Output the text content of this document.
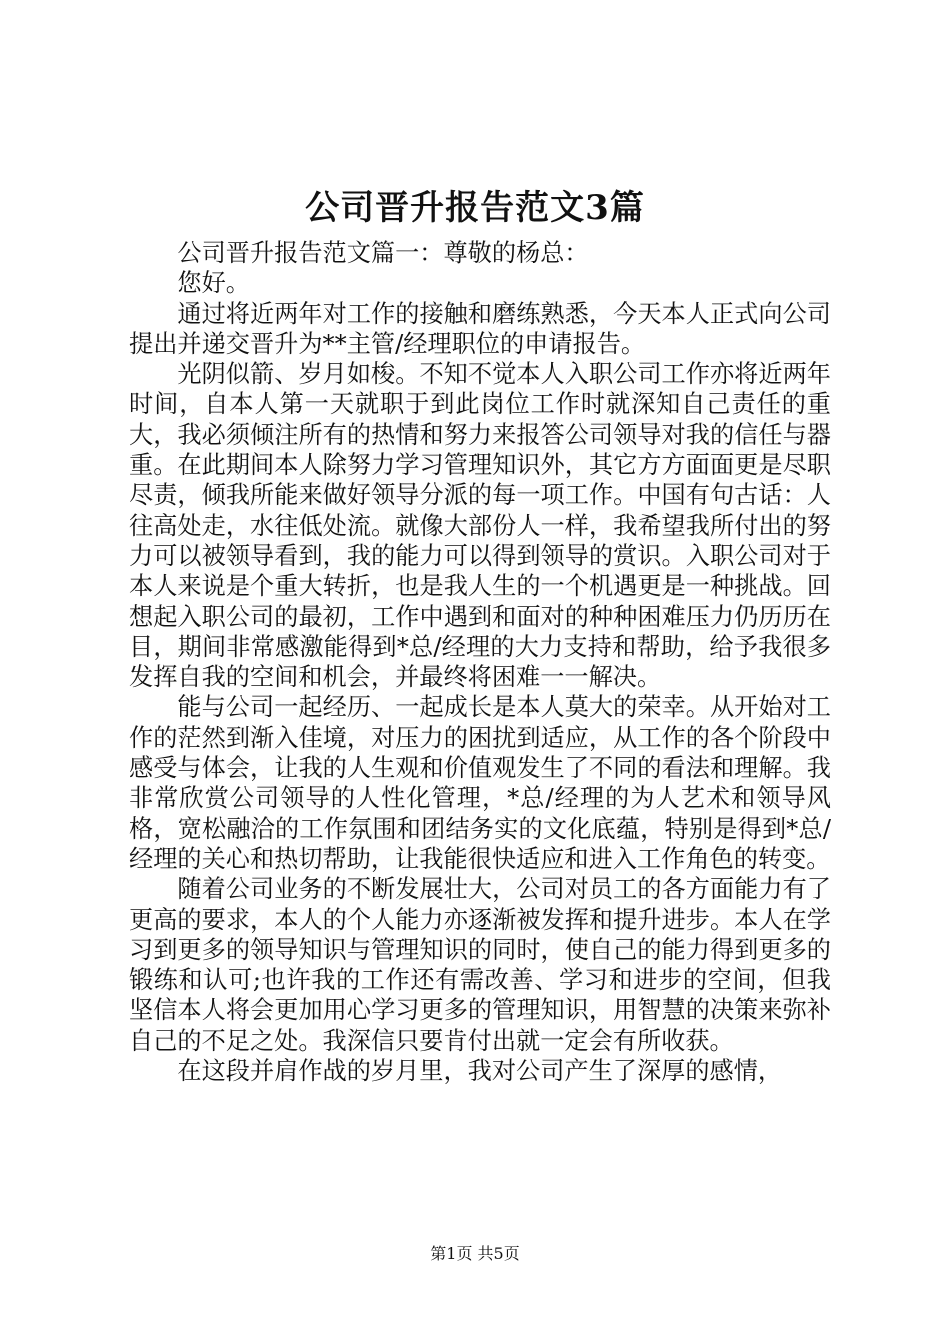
公司晋升报告范文3篇

公司晋升报告范文篇一：尊敬的杨总：

您好。

通过将近两年对工作的接触和磨练熟悉，今天本人正式向公司提出并递交晋升为**主管/经理职位的申请报告。

光阴似箭、岁月如梭。不知不觉本人入职公司工作亦将近两年时间，自本人第一天就职于到此岗位工作时就深知自己责任的重大，我必须倾注所有的热情和努力来报答公司领导对我的信任与器重。在此期间本人除努力学习管理知识外，其它方方面面更是尽职尽责，倾我所能来做好领导分派的每一项工作。中国有句古话：人往高处走，水往低处流。就像大部份人一样，我希望我所付出的努力可以被领导看到，我的能力可以得到领导的赏识。入职公司对于本人来说是个重大转折，也是我人生的一个机遇更是一种挑战。回想起入职公司的最初，工作中遇到和面对的种种困难压力仍历历在目，期间非常感激能得到*总/经理的大力支持和帮助，给予我很多发挥自我的空间和机会，并最终将困难一一解决。

能与公司一起经历、一起成长是本人莫大的荣幸。从开始对工作的茫然到渐入佳境，对压力的困扰到适应，从工作的各个阶段中感受与体会，让我的人生观和价值观发生了不同的看法和理解。我非常欣赏公司领导的人性化管理，*总/经理的为人艺术和领导风格，宽松融洽的工作氛围和团结务实的文化底蕴，特别是得到*总/经理的关心和热切帮助，让我能很快适应和进入工作角色的转变。

随着公司业务的不断发展壮大，公司对员工的各方面能力有了更高的要求，本人的个人能力亦逐渐被发挥和提升进步。本人在学习到更多的领导知识与管理知识的同时，使自己的能力得到更多的锻练和认可;也许我的工作还有需改善、学习和进步的空间，但我坚信本人将会更加用心学习更多的管理知识，用智慧的决策来弥补自己的不足之处。我深信只要肯付出就一定会有所收获。

在这段并肩作战的岁月里，我对公司产生了深厚的感情，

第1页 共5页
